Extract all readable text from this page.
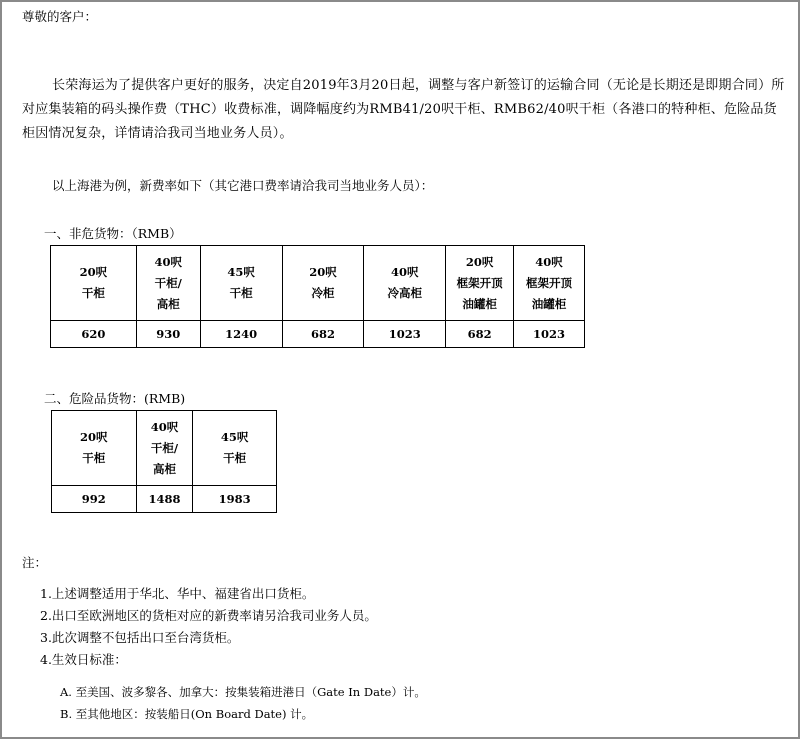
尊敬的客户：
长荣海运为了提供客户更好的服务，决定自2019年3月20日起，调整与客户新签订的运输合同（无论是长期还是即期合同）所对应集装箱的码头操作费（THC）收费标准，调降幅度约为RMB41/20呎干柜、RMB62/40呎干柜（各港口的特种柜、危险品货柜因情况复杂，详情请洽我司当地业务人员）。
以上海港为例，新费率如下（其它港口费率请洽我司当地业务人员）：
一、非危货物：（RMB）
20呎
干柜	40呎
干柜/
高柜	45呎
干柜	20呎
冷柜	40呎
冷高柜	20呎
框架开顶
油罐柜	40呎
框架开顶
油罐柜

620	930	1240	682	1023	682	1023
二、危险品货物：(RMB)
20呎
干柜	40呎
干柜/
高柜	45呎
干柜

992	1488	1983
注：
1.上述调整适用于华北、华中、福建省出口货柜。
2.出口至欧洲地区的货柜对应的新费率请另洽我司业务人员。
3.此次调整不包括出口至台湾货柜。
4.生效日标准：
A. 至美国、波多黎各、加拿大：按集装箱进港日（Gate In Date）计。
B. 至其他地区：按装船日(On Board Date) 计。
